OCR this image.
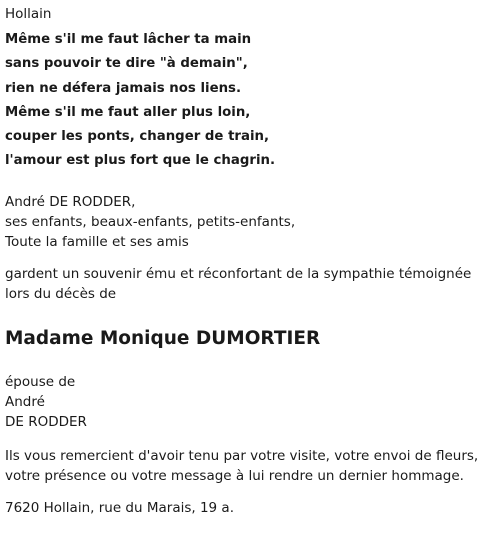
Hollain
Même s'il me faut lâcher ta main
sans pouvoir te dire "à demain",
rien ne défera jamais nos liens.
Même s'il me faut aller plus loin,
couper les ponts, changer de train,
l'amour est plus fort que le chagrin.
André DE RODDER,
ses enfants, beaux-enfants, petits-enfants,
Toute la famille et ses amis
gardent un souvenir ému et réconfortant de la sympathie témoignée
lors du décès de
Madame Monique DUMORTIER
épouse de
André
DE RODDER
Ils vous remercient d'avoir tenu par votre visite, votre envoi de fleurs,
votre présence ou votre message à lui rendre un dernier hommage.
7620 Hollain, rue du Marais, 19 a.
